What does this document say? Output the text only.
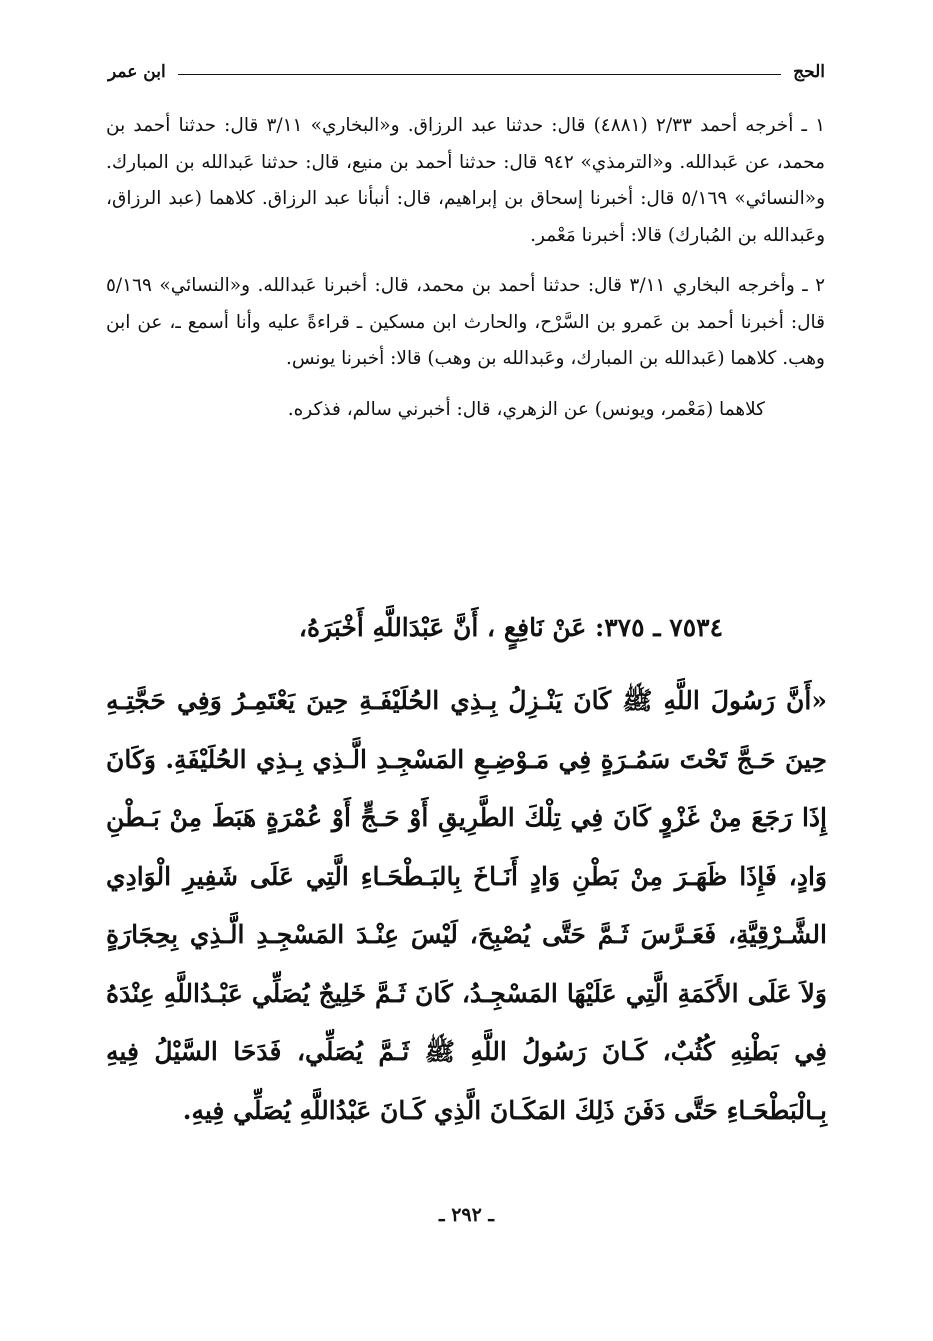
الحج
ابن عمر

١ ـ أخرجه أحمد ٢/٣٣ (٤٨٨١) قال: حدثنا عبد الرزاق. و«البخاري» ٣/١١ قال: حدثنا أحمد بن محمد، عن عَبدالله. و«الترمذي» ٩٤٢ قال: حدثنا أحمد بن منيع، قال: حدثنا عَبدالله بن المبارك. و«النسائي» ٥/١٦٩ قال: أخبرنا إسحاق بن إبراهيم، قال: أنبأنا عبد الرزاق. كلاهما (عبد الرزاق، وعَبدالله بن المُبارك) قالا: أخبرنا مَعْمر.

٢ ـ وأخرجه البخاري ٣/١١ قال: حدثنا أحمد بن محمد، قال: أخبرنا عَبدالله. و«النسائي» ٥/١٦٩ قال: أخبرنا أحمد بن عَمرو بن السَّرْح، والحارث ابن مسكين ـ قراءةً عليه وأنا أسمع ـ، عن ابن وهب. كلاهما (عَبدالله بن المبارك، وعَبدالله بن وهب) قالا: أخبرنا يونس.

كلاهما (مَعْمر، ويونس) عن الزهري، قال: أخبرني سالم، فذكره.

٧٥٣٤ ـ ٣٧٥: عَنْ نَافِعٍ ، أَنَّ عَبْدَاللَّهِ أَخْبَرَهُ،
«أَنَّ رَسُولَ اللَّهِ ﷺ كَانَ يَنْـزِلُ بِـذِي الحُلَيْفَـةِ حِينَ يَعْتَمِـرُ وَفِي حَجَّتِـهِ حِينَ حَـجَّ تَحْتَ سَمُـرَةٍ فِي مَـوْضِـعِ المَسْجِـدِ الَّـذِي بِـذِي الحُلَيْفَةِ. وَكَانَ إِذَا رَجَعَ مِنْ غَزْوٍ كَانَ فِي تِلْكَ الطَّرِيقِ أَوْ حَـجٍّ أَوْ عُمْرَةٍ هَبَطَ مِنْ بَـطْنِ وَادٍ، فَإِذَا ظَهَـرَ مِنْ بَطْنِ وَادٍ أَنَـاخَ بِالبَـطْحَـاءِ الَّتِي عَلَى شَفِيرِ الْوَادِي الشَّـرْقِيَّةِ، فَعَـرَّسَ ثَـمَّ حَتَّى يُصْبِحَ، لَيْسَ عِنْـدَ المَسْجِـدِ الَّـذِي بِحِجَارَةٍ وَلاَ عَلَى الأَكَمَةِ الَّتِي عَلَيْهَا المَسْجِـدُ، كَانَ ثَـمَّ خَلِيجٌ يُصَلِّي عَبْـدُاللَّهِ عِنْدَهُ فِي بَطْنِهِ كُثُبٌ، كَـانَ رَسُولُ اللَّهِ ﷺ ثَـمَّ يُصَلِّي، فَدَحَا السَّيْلُ فِيهِ بِـالْبَطْحَـاءِ حَتَّى دَفَنَ ذَلِكَ المَكَـانَ الَّذِي كَـانَ عَبْدُاللَّهِ يُصَلِّي فِيهِ.
ـ ٢٩٢ ـ
